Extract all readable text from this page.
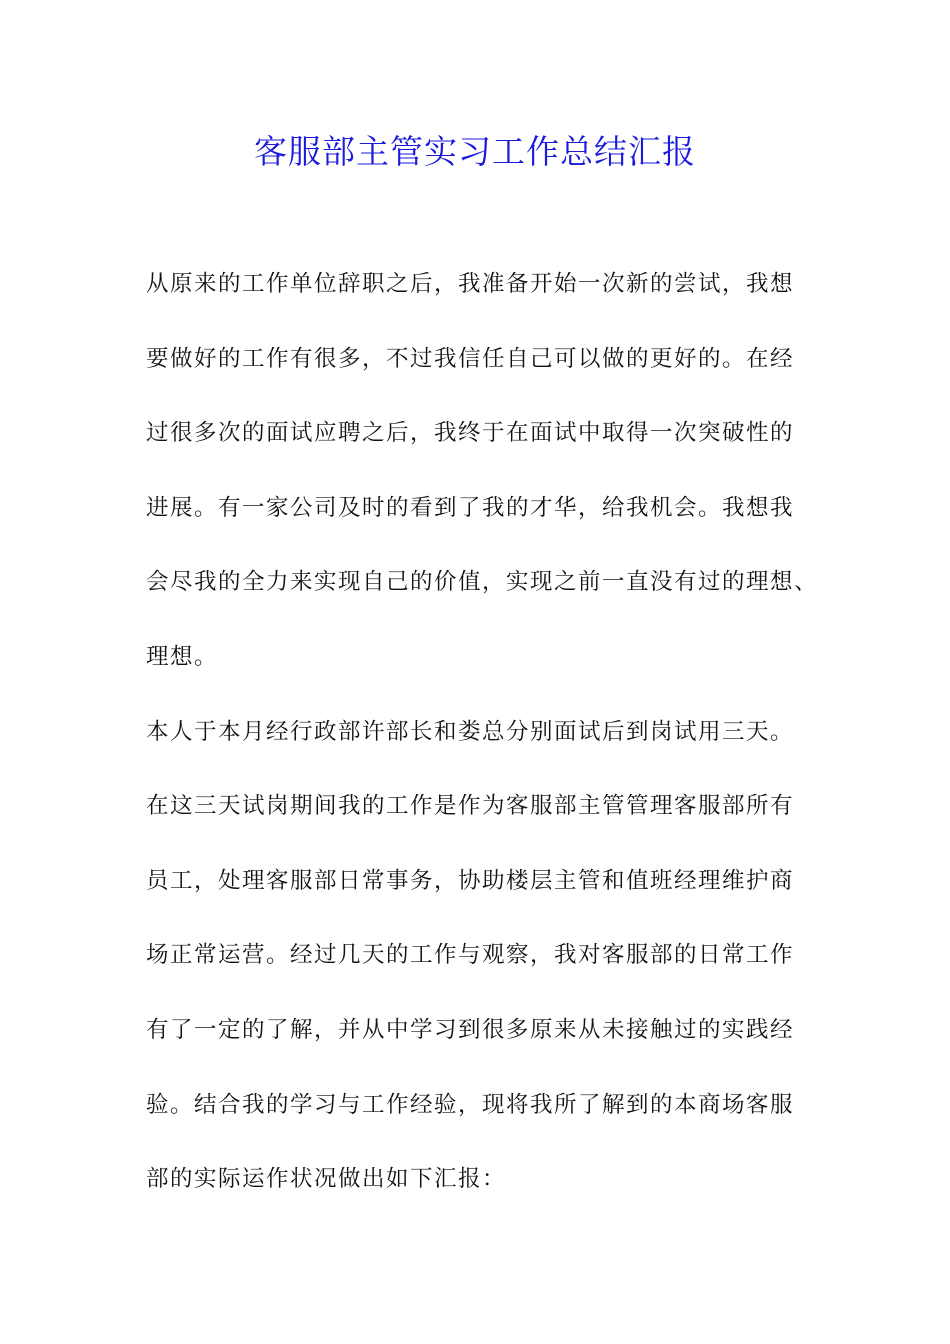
客服部主管实习工作总结汇报
从原来的工作单位辞职之后，我准备开始一次新的尝试，我想
要做好的工作有很多，不过我信任自己可以做的更好的。在经
过很多次的面试应聘之后，我终于在面试中取得一次突破性的
进展。有一家公司及时的看到了我的才华，给我机会。我想我
会尽我的全力来实现自己的价值，实现之前一直没有过的理想、
理想。
本人于本月经行政部许部长和娄总分别面试后到岗试用三天。
在这三天试岗期间我的工作是作为客服部主管管理客服部所有
员工，处理客服部日常事务，协助楼层主管和值班经理维护商
场正常运营。经过几天的工作与观察，我对客服部的日常工作
有了一定的了解，并从中学习到很多原来从未接触过的实践经
验。结合我的学习与工作经验，现将我所了解到的本商场客服
部的实际运作状况做出如下汇报：
